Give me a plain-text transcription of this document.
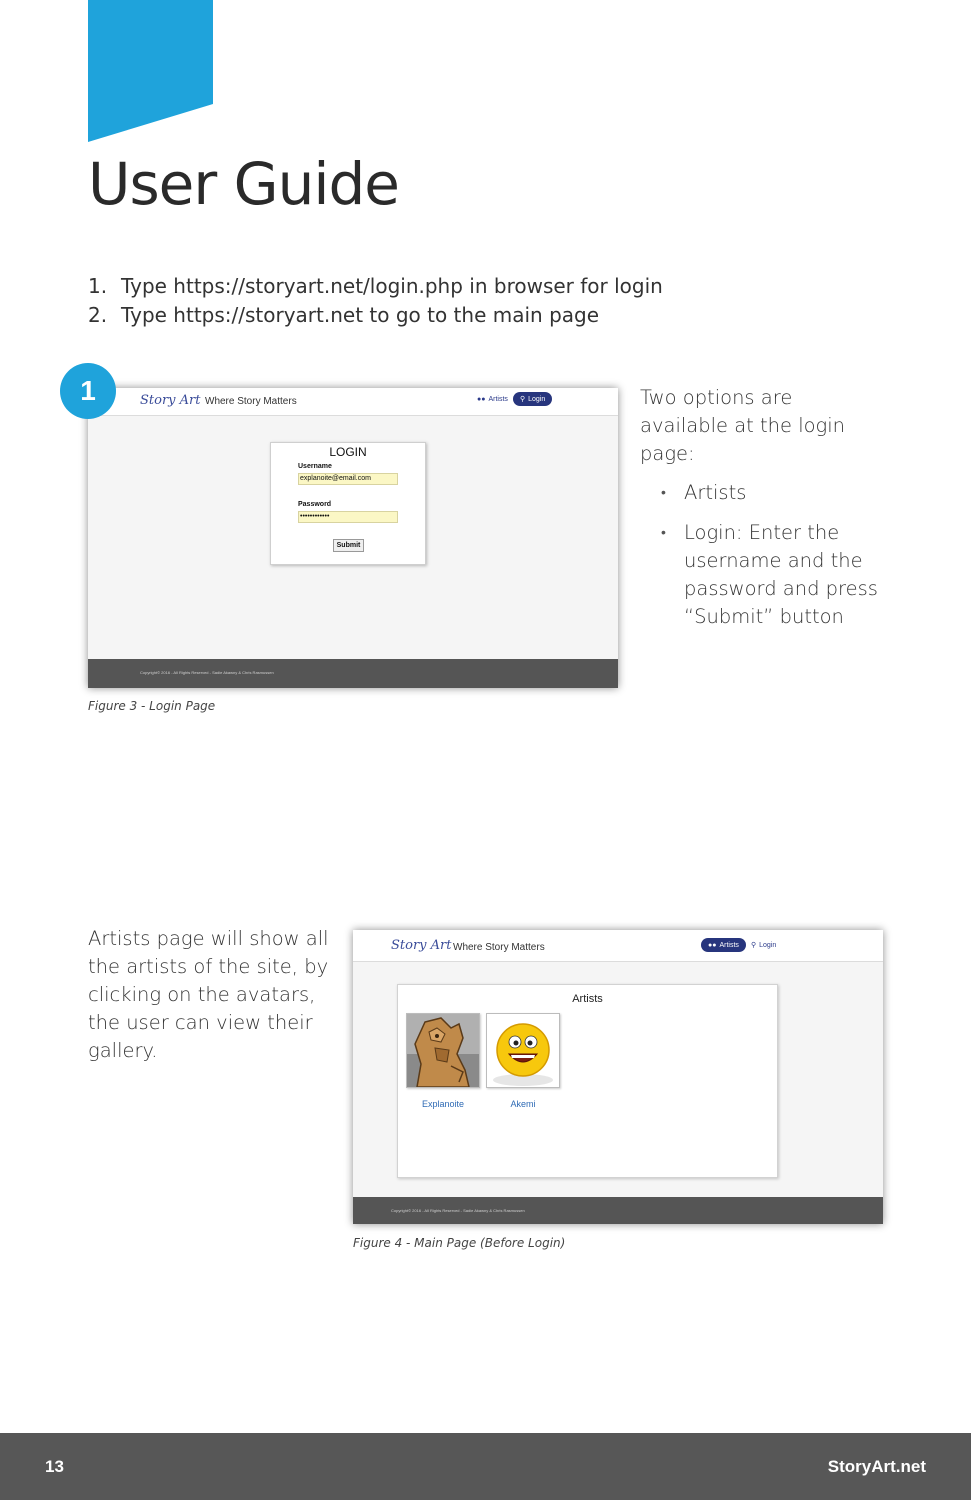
User Guide
1. Type https://storyart.net/login.php in browser for login
2. Type https://storyart.net to go to the main page
1	Story Art Where Story Matters	●● Artists ⚲ Login
LOGIN
Username
explanoite@email.com
Password
••••••••••••
Submit
Copyright© 2016 - All Rights Reserved - Sadie Akawny & Chris Rasmussen
Figure 3 - Login Page
Two options are available at the login page:
• Artists
• Login: Enter the username and the password and press “Submit” button
Artists page will show all the artists of the site, by clicking on the avatars, the user can view their gallery.
Story Art Where Story Matters	●● Artists ⚲ Login
Artists
Explanoite	Akemi
Copyright© 2016 - All Rights Reserved - Sadie Akawny & Chris Rasmussen
Figure 4 - Main Page (Before Login)
13	StoryArt.net
